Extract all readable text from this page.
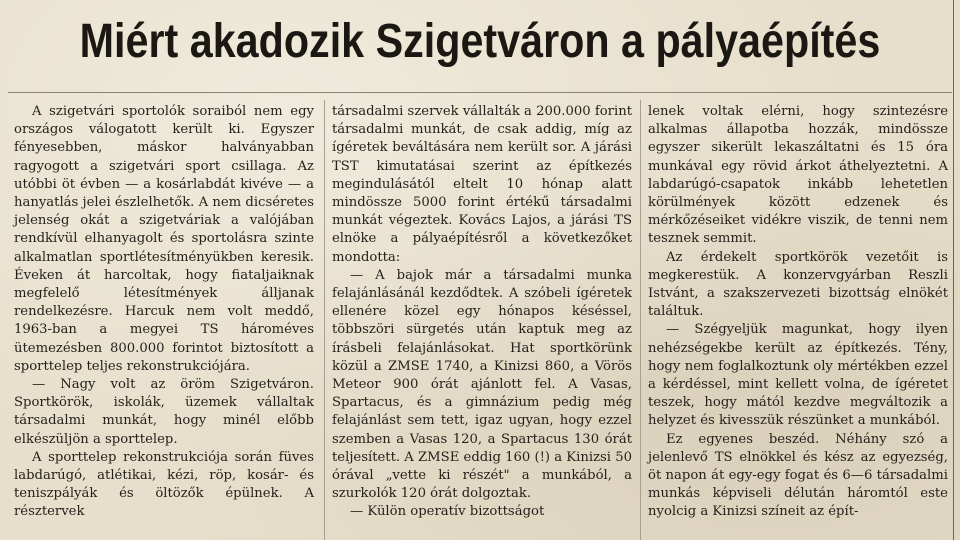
Miért akadozik Szigetváron a pályaépítés

A szigetvári sportolók soraiból nem egy országos válogatott került ki. Egyszer fényesebben, máskor halványabban ragyogott a szigetvári sport csillaga. Az utóbbi öt évben — a kosárlabdát kivéve — a hanyatlás jelei észlelhetők. A nem dicséretes jelenség okát a szigetváriak a valójában rendkívül elhanyagolt és sportolásra szinte alkalmatlan sportlétesítményükben keresik. Éveken át harcoltak, hogy fiataljaiknak megfelelő létesítmények álljanak rendelkezésre. Harcuk nem volt meddő, 1963-ban a megyei TS hároméves ütemezésben 800.000 forintot biztosított a sporttelep teljes rekonstrukciójára.

— Nagy volt az öröm Szigetváron. Sportkörök, iskolák, üzemek vállaltak társadalmi munkát, hogy minél előbb elkészüljön a sporttelep.

A sporttelep rekonstrukciója során füves labdarúgó, atlétikai, kézi, röp, kosár- és teniszpályák és öltözők épülnek. A résztervek

társadalmi szervek vállalták a 200.000 forint társadalmi munkát, de csak addig, míg az ígéretek beváltására nem került sor. A járási TST kimutatásai szerint az építkezés megindulásától eltelt 10 hónap alatt mindössze 5000 forint értékű társadalmi munkát végeztek. Kovács Lajos, a járási TS elnöke a pályaépítésről a következőket mondotta:

— A bajok már a társadalmi munka felajánlásánál kezdődtek. A szóbeli ígéretek ellenére közel egy hónapos késéssel, többszöri sürgetés után kaptuk meg az írásbeli felajánlásokat. Hat sportkörünk közül a ZMSE 1740, a Kinizsi 860, a Vörös Meteor 900 órát ajánlott fel. A Vasas, Spartacus, és a gimnázium pedig még felajánlást sem tett, igaz ugyan, hogy ezzel szemben a Vasas 120, a Spartacus 130 órát teljesített. A ZMSE eddig 160 (!) a Kinizsi 50 órával „vette ki részét" a munkából, a szurkolók 120 órát dolgoztak.

— Külön operatív bizottságot

lenek voltak elérni, hogy szintezésre alkalmas állapotba hozzák, mindössze egyszer sikerült lekaszáltatni és 15 óra munkával egy rövid árkot áthelyeztetni. A labdarúgó-csapatok inkább lehetetlen körülmények között edzenek és mérkőzéseiket vidékre viszik, de tenni nem tesznek semmit.

Az érdekelt sportkörök vezetőit is megkerestük. A konzervgyárban Reszli Istvánt, a szakszervezeti bizottság elnökét találtuk.

— Szégyeljük magunkat, hogy ilyen nehézségekbe került az építkezés. Tény, hogy nem foglalkoztunk oly mértékben ezzel a kérdéssel, mint kellett volna, de ígéretet teszek, hogy mától kezdve megváltozik a helyzet és kivesszük részünket a munkából.

Ez egyenes beszéd. Néhány szó a jelenlevő TS elnökkel és kész az egyezség, öt napon át egy-egy fogat és 6—6 társadalmi munkás képviseli délután háromtól este nyolcig a Kinizsi színeit az épít-
